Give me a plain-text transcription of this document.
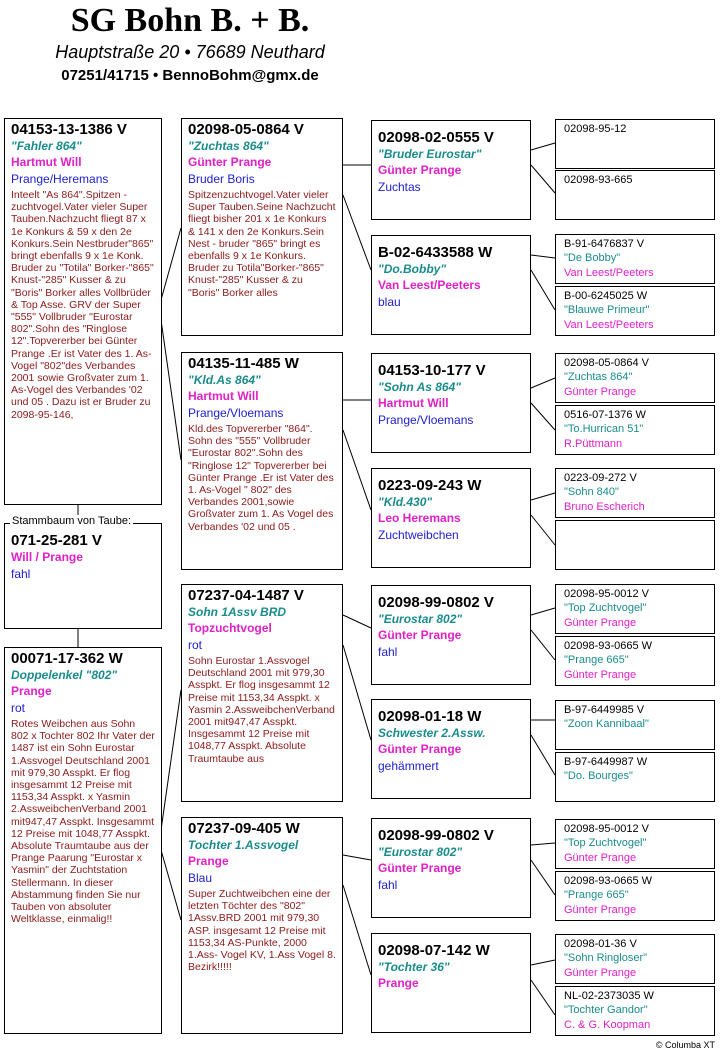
SG Bohn B. + B.
Hauptstraße 20 • 76689 Neuthard
07251/41715 • BennoBohm@gmx.de
04153-13-1386 V
"Fahler 864"
Hartmut Will
Prange/Heremans
Inteelt "As 864".Spitzen - zuchtvogel.Vater vieler Super Tauben.Nachzucht fliegt 87 x 1e Konkurs & 59 x den 2e Konkurs.Sein Nestbruder"865" bringt ebenfalls 9 x 1e Konk. Bruder zu "Totila" Borker-"865" Knust-"285" Kusser & zu "Boris" Borker alles Vollbrüder & Top Asse. GRV der Super "555" Vollbruder "Eurostar 802".Sohn des "Ringlose 12".Topvererber bei Günter Prange .Er ist Vater des 1. As-Vogel "802"des Verbandes 2001 sowie Großvater zum 1. As-Vogel des Verbandes '02 und 05 . Dazu ist er Bruder zu 2098-95-146,
071-25-281 V
Will / Prange
fahl
Stammbaum von Taube:
00071-17-362 W
Doppelenkel "802"
Prange
rot
Rotes Weibchen aus Sohn 802 x Tochter 802 Ihr Vater der 1487 ist ein Sohn Eurostar 1.Assvogel Deutschland 2001 mit 979,30 Asspkt. Er flog insgesammt 12 Preise mit 1153,34 Asspkt. x Yasmin 2.AssweibchenVerband 2001 mit947,47 Asspkt. Insgesammt 12 Preise mit 1048,77 Asspkt. Absolute Traumtaube aus der Prange Paarung "Eurostar x Yasmin" der Zuchtstation Stellermann. In dieser Abstammung finden Sie nur Tauben von absoluter Weltklasse, einmalig!!
02098-05-0864 V
"Zuchtas 864"
Günter Prange
Bruder Boris
Spitzenzuchtvogel.Vater vieler Super Tauben.Seine Nachzucht fliegt bisher 201 x 1e Konkurs & 141 x den 2e Konkurs.Sein Nest - bruder "865" bringt es ebenfalls 9 x 1e Konkurs. Bruder zu Totila"Borker-"865" Knust-"285" Kusser & zu "Boris" Borker alles
04135-11-485 W
"Kld.As 864"
Hartmut Will
Prange/Vloemans
Kld.des Topvererber "864". Sohn des "555" Vollbruder "Eurostar 802".Sohn des "Ringlose 12" Topvererber bei Günter Prange .Er ist Vater des 1. As-Vogel " 802" des Verbandes 2001,sowie Großvater zum 1. As Vogel des Verbandes '02 und 05 .
07237-04-1487 V
Sohn 1Assv BRD
Topzuchtvogel
rot
Sohn Eurostar 1.Assvogel Deutschland 2001 mit 979,30 Asspkt. Er flog insgesammt 12 Preise mit 1153,34 Asspkt. x Yasmin 2.AssweibchenVerband 2001 mit947,47 Asspkt. Insgesammt 12 Preise mit 1048,77 Asspkt. Absolute Traumtaube aus
07237-09-405 W
Tochter 1.Assvogel
Prange
Blau
Super Zuchtweibchen eine der letzten Töchter des "802" 1Assv.BRD 2001 mit 979,30 ASP. insgesamt 12 Preise mit 1153,34 AS-Punkte, 2000 1.Ass- Vogel KV, 1.Ass Vogel 8. Bezirk!!!!!
02098-02-0555 V
"Bruder Eurostar"
Günter Prange
Zuchtas
B-02-6433588 W
"Do.Bobby"
Van Leest/Peeters
blau
04153-10-177 V
"Sohn As 864"
Hartmut Will
Prange/Vloemans
0223-09-243 W
"Kld.430"
Leo Heremans
Zuchtweibchen
02098-99-0802 V
"Eurostar 802"
Günter Prange
fahl
02098-01-18 W
Schwester 2.Assw.
Günter Prange
gehämmert
02098-99-0802 V
"Eurostar 802"
Günter Prange
fahl
02098-07-142 W
"Tochter 36"
Prange
02098-95-12
02098-93-665
B-91-6476837 V
"De Bobby"
Van Leest/Peeters
B-00-6245025 W
"Blauwe Primeur"
Van Leest/Peeters
02098-05-0864 V
"Zuchtas 864"
Günter Prange
0516-07-1376 W
"To.Hurrican 51"
R.Püttmann
0223-09-272 V
"Sohn 840"
Bruno Escherich
02098-95-0012 V
"Top Zuchtvogel"
Günter Prange
02098-93-0665 W
"Prange 665"
Günter Prange
B-97-6449985 V
"Zoon Kannibaal"
B-97-6449987 W
"Do. Bourges"
02098-95-0012 V
"Top Zuchtvogel"
Günter Prange
02098-93-0665 W
"Prange 665"
Günter Prange
02098-01-36 V
"Sohn Ringloser"
Günter Prange
NL-02-2373035 W
"Tochter Gandor"
C. & G. Koopman
© Columba XT
